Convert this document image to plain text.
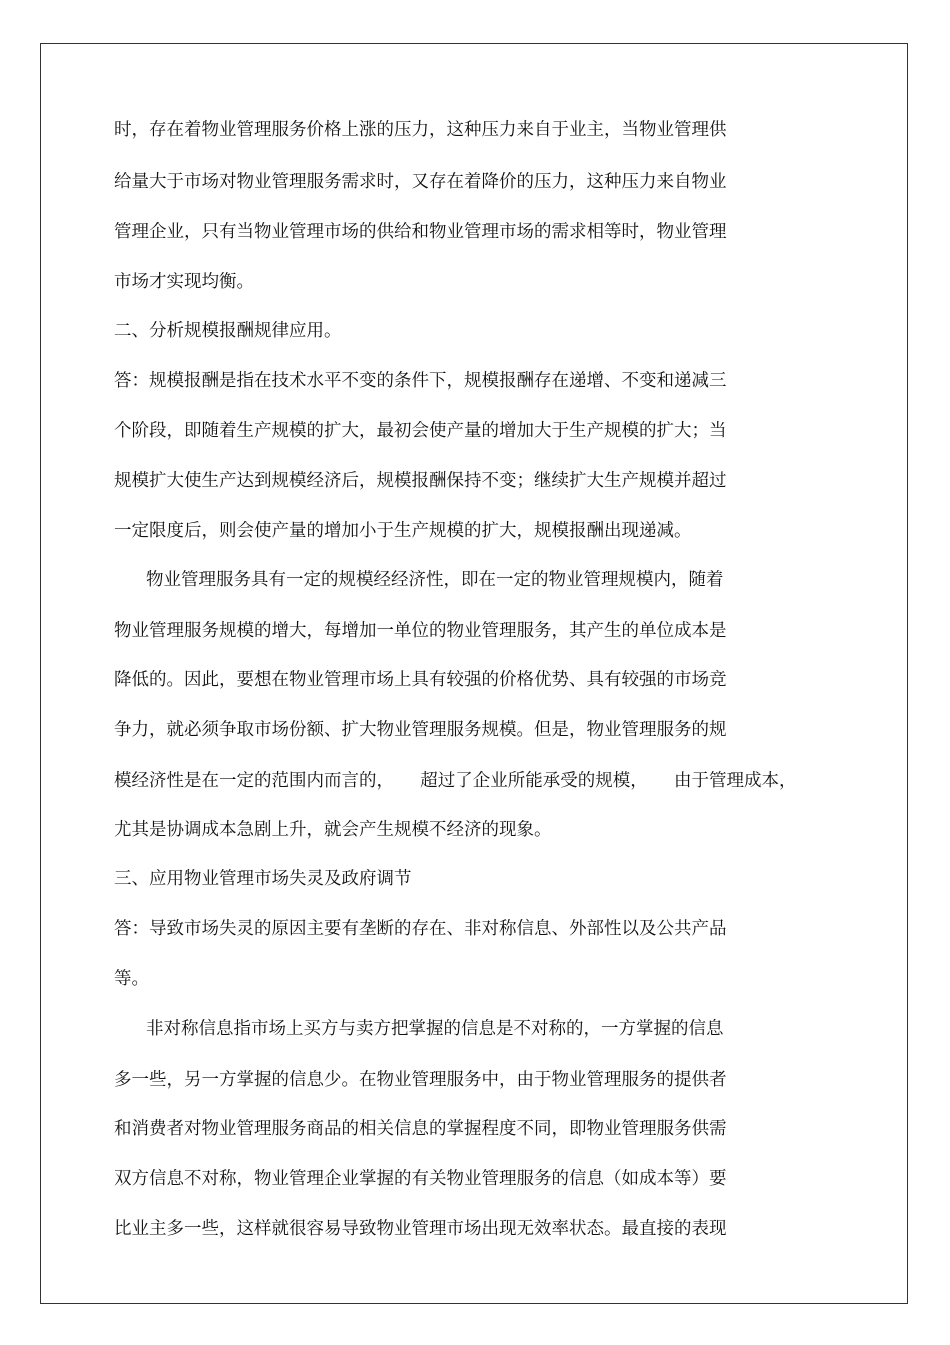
时，存在着物业管理服务价格上涨的压力，这种压力来自于业主，当物业管理供

给量大于市场对物业管理服务需求时，又存在着降价的压力，这种压力来自物业

管理企业，只有当物业管理市场的供给和物业管理市场的需求相等时，物业管理

市场才实现均衡。

二、分析规模报酬规律应用。

答：规模报酬是指在技术水平不变的条件下，规模报酬存在递增、不变和递减三

个阶段，即随着生产规模的扩大，最初会使产量的增加大于生产规模的扩大；当

规模扩大使生产达到规模经济后，规模报酬保持不变；继续扩大生产规模并超过

一定限度后，则会使产量的增加小于生产规模的扩大，规模报酬出现递减。

物业管理服务具有一定的规模经经济性，即在一定的物业管理规模内，随着

物业管理服务规模的增大，每增加一单位的物业管理服务，其产生的单位成本是

降低的。因此，要想在物业管理市场上具有较强的价格优势、具有较强的市场竞

争力，就必须争取市场份额、扩大物业管理服务规模。但是，物业管理服务的规

模经济性是在一定的范围内而言的，　　超过了企业所能承受的规模，　　由于管理成本，

尤其是协调成本急剧上升，就会产生规模不经济的现象。

三、应用物业管理市场失灵及政府调节

答：导致市场失灵的原因主要有垄断的存在、非对称信息、外部性以及公共产品

等。

非对称信息指市场上买方与卖方把掌握的信息是不对称的，一方掌握的信息

多一些，另一方掌握的信息少。在物业管理服务中，由于物业管理服务的提供者

和消费者对物业管理服务商品的相关信息的掌握程度不同，即物业管理服务供需

双方信息不对称，物业管理企业掌握的有关物业管理服务的信息（如成本等）要

比业主多一些，这样就很容易导致物业管理市场出现无效率状态。最直接的表现
